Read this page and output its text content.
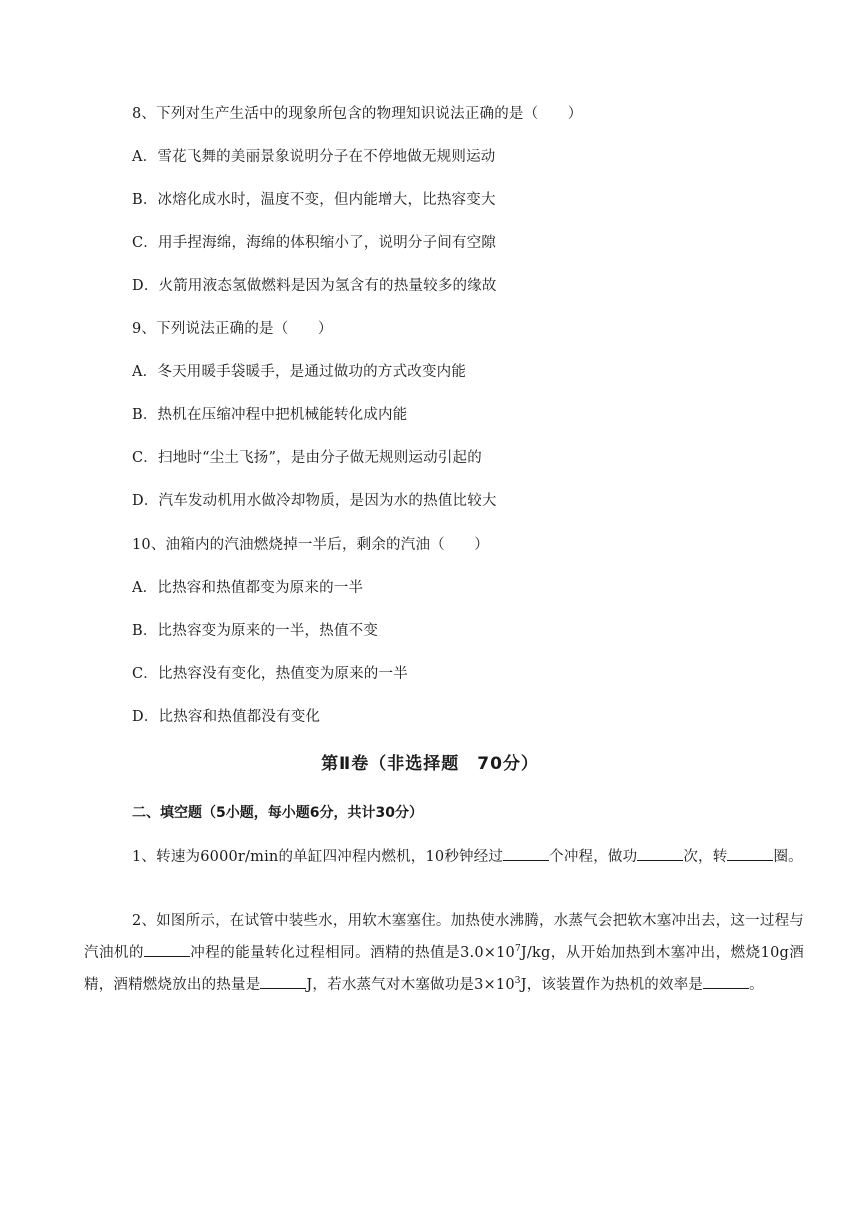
8、下列对生产生活中的现象所包含的物理知识说法正确的是（　　）
A．雪花飞舞的美丽景象说明分子在不停地做无规则运动
B．冰熔化成水时，温度不变，但内能增大，比热容变大
C．用手捏海绵，海绵的体积缩小了，说明分子间有空隙
D．火箭用液态氢做燃料是因为氢含有的热量较多的缘故
9、下列说法正确的是（　　）
A．冬天用暖手袋暖手，是通过做功的方式改变内能
B．热机在压缩冲程中把机械能转化成内能
C．扫地时“尘土飞扬”，是由分子做无规则运动引起的
D．汽车发动机用水做冷却物质，是因为水的热值比较大
10、油箱内的汽油燃烧掉一半后，剩余的汽油（　　）
A．比热容和热值都变为原来的一半
B．比热容变为原来的一半，热值不变
C．比热容没有变化，热值变为原来的一半
D．比热容和热值都没有变化
第Ⅱ卷（非选择题　70分）
二、填空题（5小题，每小题6分，共计30分）
1、转速为6000r/min的单缸四冲程内燃机，10秒钟经过	个冲程，做功	次，转	圈。
2、如图所示，在试管中装些水，用软木塞塞住。加热使水沸腾，水蒸气会把软木塞冲出去，这一过程与汽油机的	冲程的能量转化过程相同。酒精的热值是$3.0\times 10^7J/kg$，从开始加热到木塞冲出，燃烧10g酒精，酒精燃烧放出的热量是	J，若水蒸气对木塞做功是$3\times 10^3J$，该装置作为热机的效率是	。
